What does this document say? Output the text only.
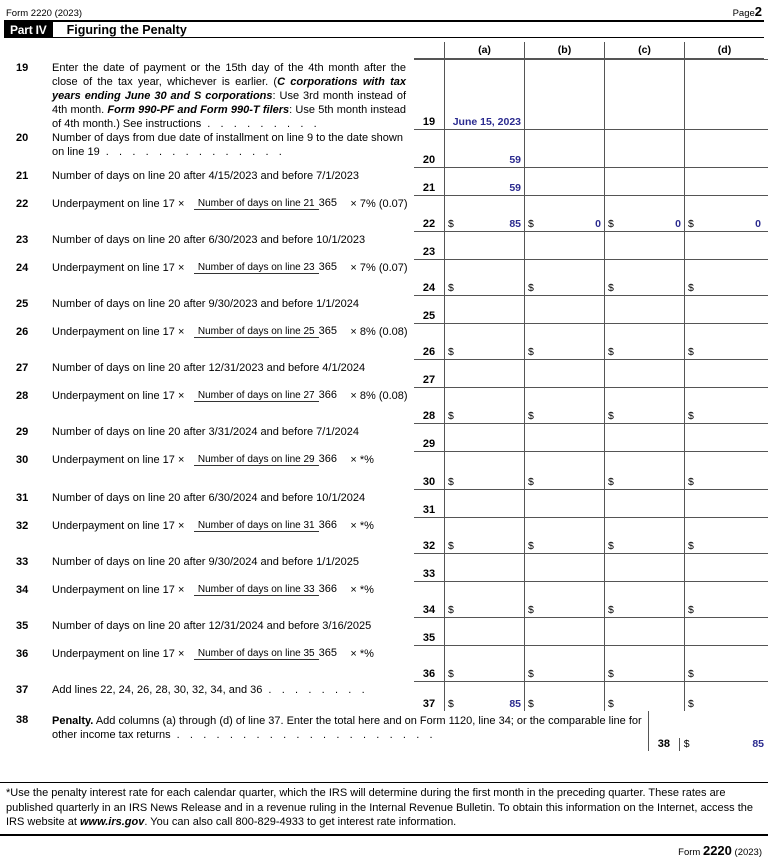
Form 2220 (2023)	Page2
Part IV	Figuring the Penalty
(a)	(b)	(c)	(d)
19	Enter the date of payment or the 15th day of the 4th month after the close of the tax year, whichever is earlier. (C corporations with tax years ending June 30 and S corporations: Use 3rd month instead of 4th month. Form 990-PF and Form 990-T filers: Use 5th month instead of 4th month.) See instructions . . . . . . . . .	19	June 15, 2023
20	Number of days from due date of installment on line 9 to the date shown on line 19 . . . . . . . . . . . . . .
20	59
21	Number of days on line 20 after 4/15/2023 and before 7/1/2023
21	59
22	Underpayment on line 17 ×	Number of days on line 21 365	× 7% (0.07)
22	$	85 $	0 $	0 $	0
23	Number of days on line 20 after 6/30/2023 and before 10/1/2023
23
24	Underpayment on line 17 ×	Number of days on line 23 365	× 7% (0.07)
24	$	$	$	$
25	Number of days on line 20 after 9/30/2023 and before 1/1/2024
25
26	Underpayment on line 17 ×	Number of days on line 25 365	× 8% (0.08)
26	$	$	$	$
27	Number of days on line 20 after 12/31/2023 and before 4/1/2024
27
28	Underpayment on line 17 ×	Number of days on line 27 366	× 8% (0.08)
28	$	$	$	$
29	Number of days on line 20 after 3/31/2024 and before 7/1/2024
29
30	Underpayment on line 17 ×	Number of days on line 29 366	× *%
30	$	$	$	$
31	Number of days on line 20 after 6/30/2024 and before 10/1/2024
31
32	Underpayment on line 17 ×	Number of days on line 31 366	× *%
32	$	$	$	$
33	Number of days on line 20 after 9/30/2024 and before 1/1/2025
33
34	Underpayment on line 17 ×	Number of days on line 33 366	× *%
34	$	$	$	$
35	Number of days on line 20 after 12/31/2024 and before 3/16/2025
35
36	Underpayment on line 17 ×	Number of days on line 35 365	× *%
36	$	$	$	$
37	Add lines 22, 24, 26, 28, 30, 32, 34, and 36 . . . . . . . .
37	$	85 $	$	$
38	Penalty. Add columns (a) through (d) of line 37. Enter the total here and on Form 1120, line 34; or the comparable line for other income tax returns . . . . . . . . . . . . . . . . . . . .
38	$	85
*Use the penalty interest rate for each calendar quarter, which the IRS will determine during the first month in the preceding quarter. These rates are published quarterly in an IRS News Release and in a revenue ruling in the Internal Revenue Bulletin. To obtain this information on the Internet, access the IRS website at www.irs.gov. You can also call 800-829-4933 to get interest rate information.
Form 2220 (2023)
